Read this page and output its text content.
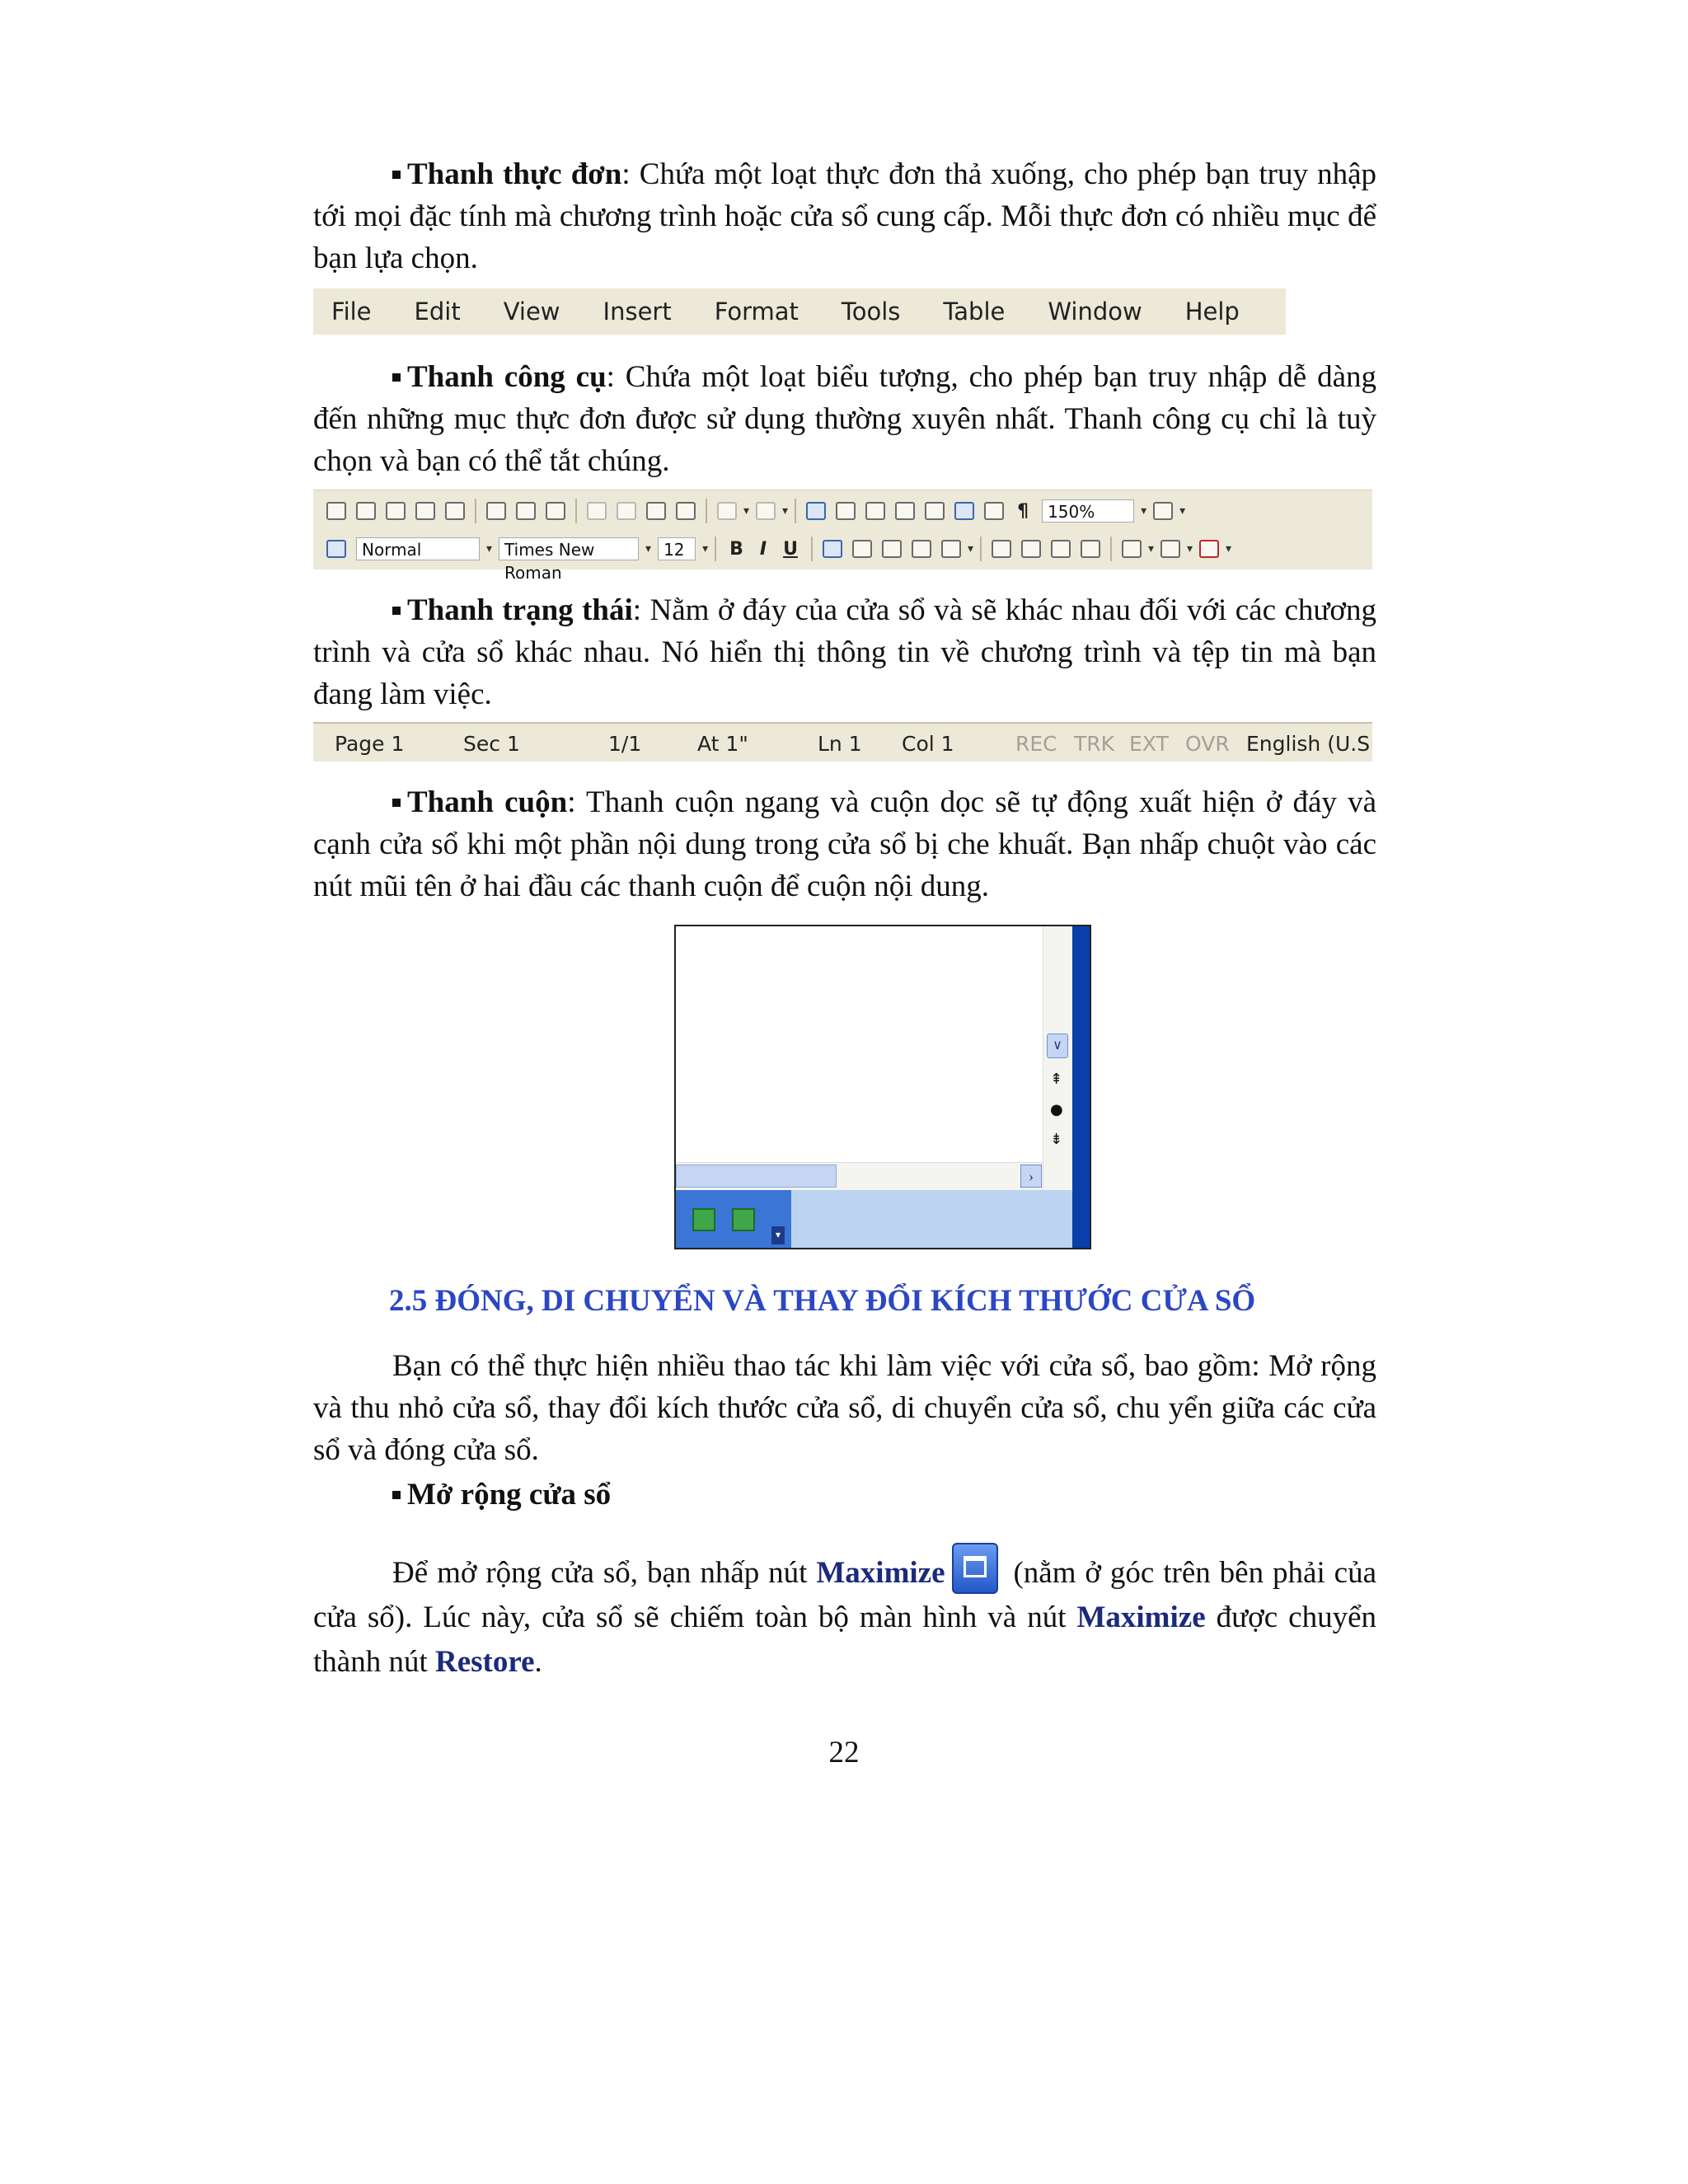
Thanh thực đơn: Chứa một loạt thực đơn thả xuống, cho phép bạn truy nhập tới mọi đặc tính mà chương trình hoặc cửa sổ cung cấp. Mỗi thực đơn có nhiều mục để bạn lựa chọn.

File Edit View Insert Format Tools Table Window Help

Thanh công cụ: Chứa một loạt biểu tượng, cho phép bạn truy nhập dễ dàng đến những mục thực đơn được sử dụng thường xuyên nhất. Thanh công cụ chỉ là tuỳ chọn và bạn có thể tắt chúng.

▾	▾	¶	150%	▾	▾
Normal	▾ Times New Roman
▾ 12	▾ B I U	▾	▾	▾	▾

Thanh trạng thái: Nằm ở đáy của cửa sổ và sẽ khác nhau đối với các chương trình và cửa sổ khác nhau. Nó hiển thị thông tin về chương trình và tệp tin mà bạn đang làm việc.

Page 1	Sec 1	1/1	At 1"	Ln 1 Col 1	REC TRK EXT OVR English (U.S

Thanh cuộn: Thanh cuộn ngang và cuộn dọc sẽ tự động xuất hiện ở đáy và cạnh cửa sổ khi một phần nội dung trong cửa sổ bị che khuất. Bạn nhấp chuột vào các nút mũi tên ở hai đầu các thanh cuộn để cuộn nội dung.

∨
⇞
●
⇟
›
▾
2.5 ĐÓNG, DI CHUYỂN VÀ THAY ĐỔI KÍCH THƯỚC CỬA SỔ

Bạn có thể thực hiện nhiều thao tác khi làm việc với cửa sổ, bao gồm: Mở rộng và thu nhỏ cửa sổ, thay đổi kích thước cửa sổ, di chuyển cửa sổ, chu yển giữa các cửa sổ và đóng cửa sổ.

Mở rộng cửa sổ

Để mở rộng cửa sổ, bạn nhấp nút Maximize (nằm ở góc trên bên phải của cửa sổ). Lúc này, cửa sổ sẽ chiếm toàn bộ màn hình và nút Maximize được chuyển thành nút Restore.

22
